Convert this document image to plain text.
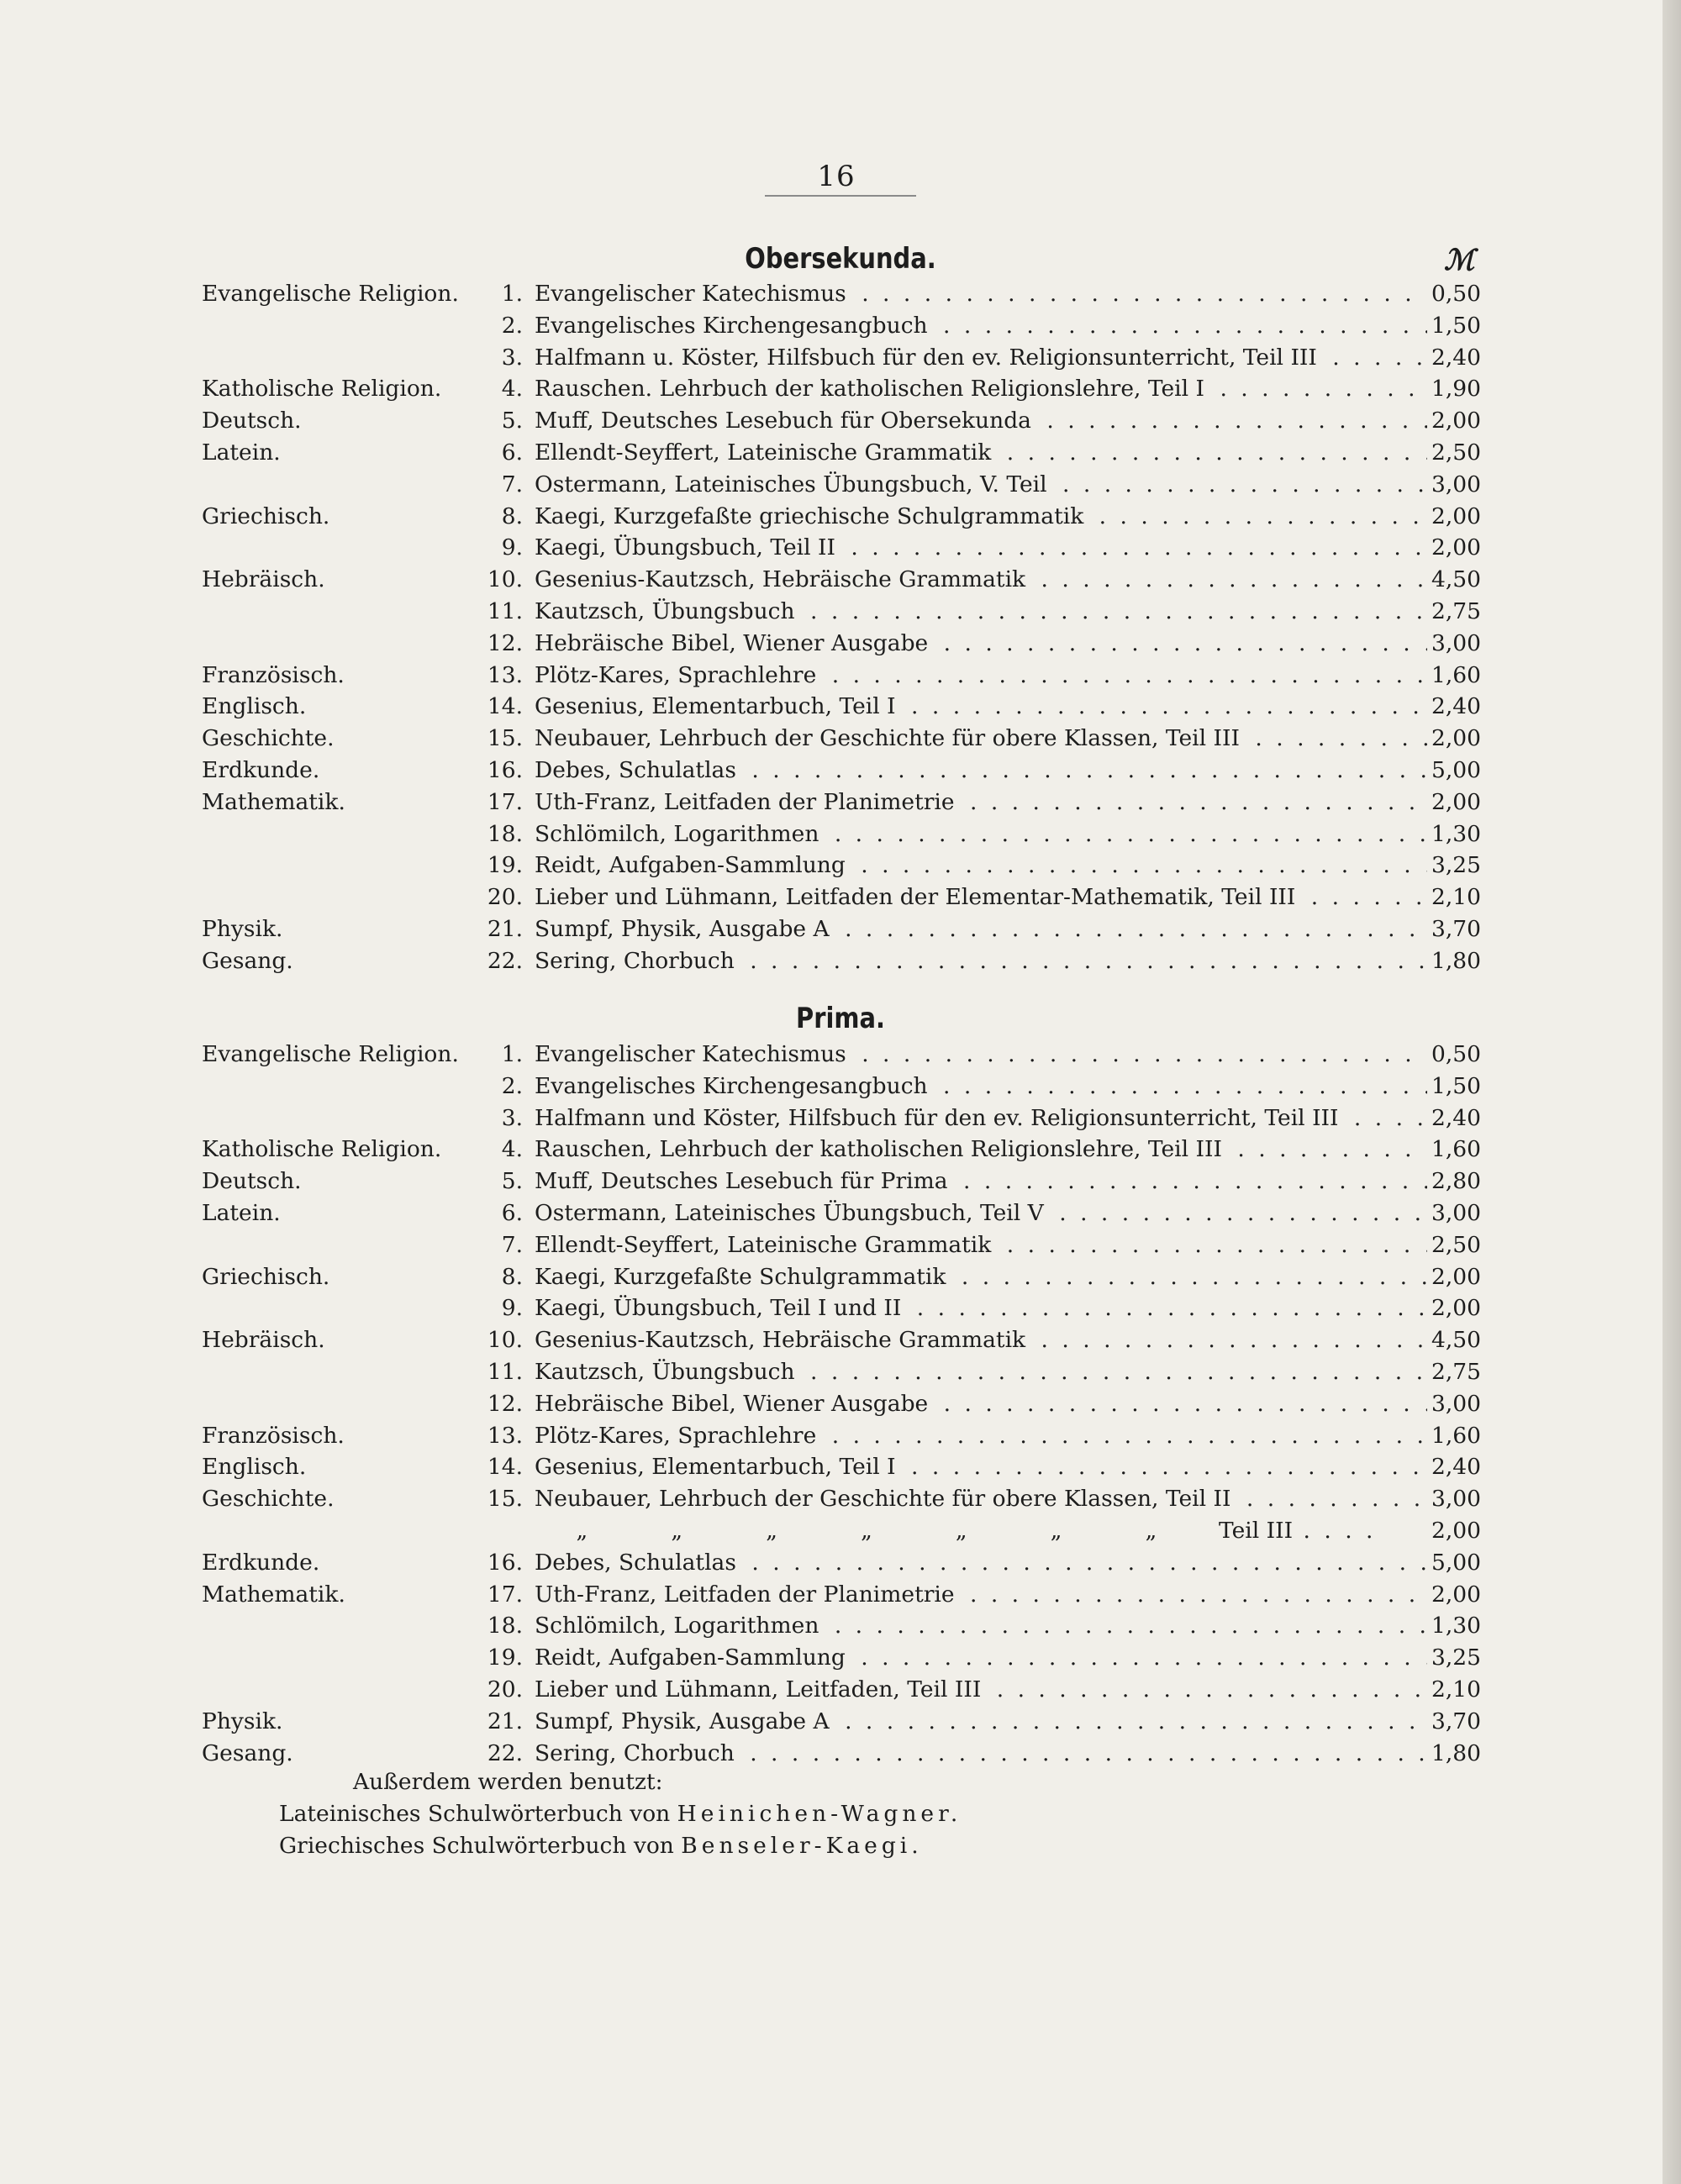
16
Obersekunda.	ℳ
Evangelische Religion.	1. Evangelischer Katechismus . . .	0,50
2. Evangelisches Kirchengesangbuch . . .	1,50
3. Halfmann u. Köster, Hilfsbuch für den ev. Religionsunterricht, Teil III . . .	2,40
Katholische Religion.	4. Rauschen. Lehrbuch der katholischen Religionslehre, Teil I . . .	1,90
Deutsch.	5. Muff, Deutsches Lesebuch für Obersekunda . . .	2,00
Latein.	6. Ellendt-Seyffert, Lateinische Grammatik . . .	2,50
7. Ostermann, Lateinisches Übungsbuch, V. Teil . . .	3,00
Griechisch.	8. Kaegi, Kurzgefaßte griechische Schulgrammatik . . .	2,00
9. Kaegi, Übungsbuch, Teil II . . .	2,00
Hebräisch.	10. Gesenius-Kautzsch, Hebräische Grammatik . . .	4,50
11. Kautzsch, Übungsbuch . . .	2,75
12. Hebräische Bibel, Wiener Ausgabe . . .	3,00
Französisch.	13. Plötz-Kares, Sprachlehre . . .	1,60
Englisch.	14. Gesenius, Elementarbuch, Teil I . . .	2,40
Geschichte.	15. Neubauer, Lehrbuch der Geschichte für obere Klassen, Teil III . . .	2,00
Erdkunde.	16. Debes, Schulatlas . . .	5,00
Mathematik.	17. Uth-Franz, Leitfaden der Planimetrie . . .	2,00
18. Schlömilch, Logarithmen . . .	1,30
19. Reidt, Aufgaben-Sammlung . . .	3,25
20. Lieber und Lühmann, Leitfaden der Elementar-Mathematik, Teil III . . .	2,10
Physik.	21. Sumpf, Physik, Ausgabe A . . .	3,70
Gesang.	22. Sering, Chorbuch . . .	1,80
Prima.
Evangelische Religion.	1. Evangelischer Katechismus . . .	0,50
2. Evangelisches Kirchengesangbuch . . .	1,50
3. Halfmann und Köster, Hilfsbuch für den ev. Religionsunterricht, Teil III . . .	2,40
Katholische Religion.	4. Rauschen, Lehrbuch der katholischen Religionslehre, Teil III . . .	1,60
Deutsch.	5. Muff, Deutsches Lesebuch für Prima . . .	2,80
Latein.	6. Ostermann, Lateinisches Übungsbuch, Teil V . . .	3,00
7. Ellendt-Seyffert, Lateinische Grammatik . . .	2,50
Griechisch.	8. Kaegi, Kurzgefaßte Schulgrammatik . . .	2,00
9. Kaegi, Übungsbuch, Teil I und II . . .	2,00
Hebräisch.	10. Gesenius-Kautzsch, Hebräische Grammatik . . .	4,50
11. Kautzsch, Übungsbuch . . .	2,75
12. Hebräische Bibel, Wiener Ausgabe . . .	3,00
Französisch.	13. Plötz-Kares, Sprachlehre . . .	1,60
Englisch.	14. Gesenius, Elementarbuch, Teil I . . .	2,40
Geschichte.	15. Neubauer, Lehrbuch der Geschichte für obere Klassen, Teil II . . .	3,00
„	„	„	„	„	„	„	Teil III . . . .	2,00
Erdkunde.	16. Debes, Schulatlas . . .	5,00
Mathematik.	17. Uth-Franz, Leitfaden der Planimetrie . . .	2,00
18. Schlömilch, Logarithmen . . .	1,30
19. Reidt, Aufgaben-Sammlung . . .	3,25
20. Lieber und Lühmann, Leitfaden, Teil III . . .	2,10
Physik.	21. Sumpf, Physik, Ausgabe A . . .	3,70
Gesang.	22. Sering, Chorbuch . . .	1,80
Außerdem werden benutzt:
Lateinisches Schulwörterbuch von Heinichen-Wagner.
Griechisches Schulwörterbuch von Benseler-Kaegi.
